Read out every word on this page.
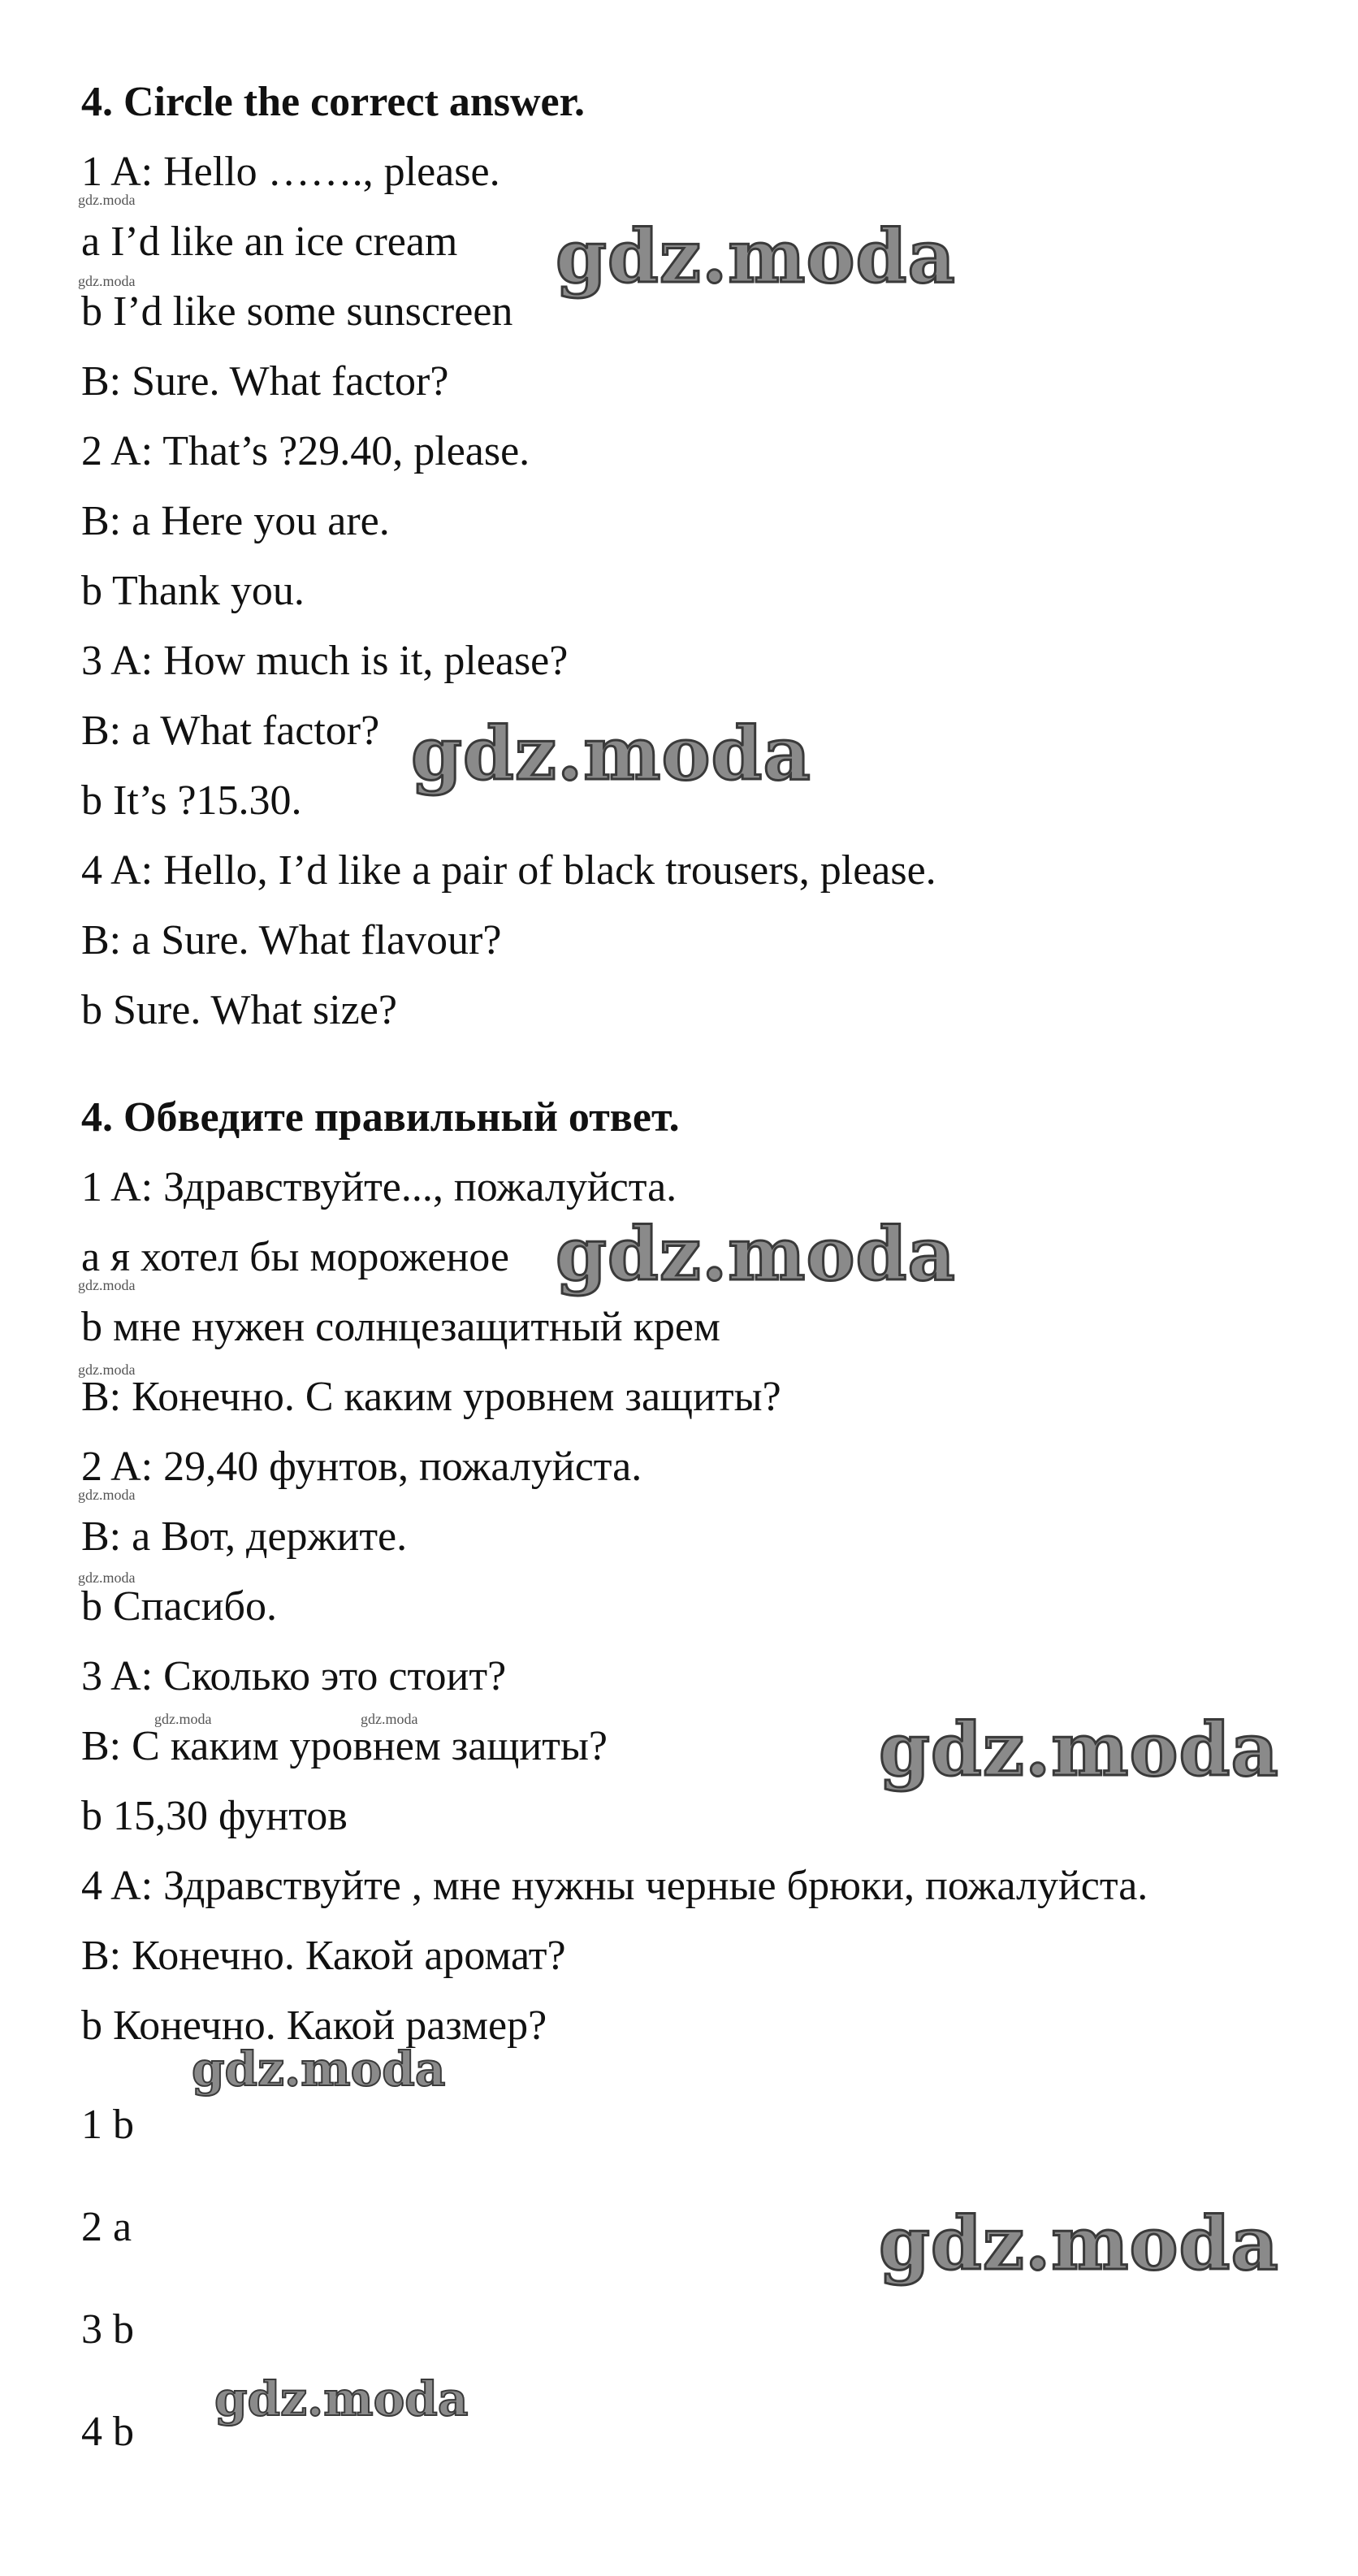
4. Circle the correct answer.
1 A: Hello ……., please.
a I’d like an ice cream
b I’d like some sunscreen
B: Sure. What factor?
2 A: That’s ?29.40, please.
B: a Here you are.
b Thank you.
3 A: How much is it, please?
B: a What factor?
b It’s ?15.30.
4 A: Hello, I’d like a pair of black trousers, please.
B: a Sure. What flavour?
b Sure. What size?
4. Обведите правильный ответ.
1 A: Здравствуйте..., пожалуйста.
а я хотел бы мороженое
b мне нужен солнцезащитный крем
B: Конечно. С каким уровнем защиты?
2 A: 29,40 фунтов, пожалуйста.
B: а Вот, держите.
b Спасибо.
3 A: Сколько это стоит?
B: С каким уровнем защиты?
b 15,30 фунтов
4 A: Здравствуйте , мне нужны черные брюки, пожалуйста.
B: Конечно. Какой аромат?
b Конечно. Какой размер?
1 b
2 a
3 b
4 b
gdz.moda
gdz.moda
gdz.moda
gdz.moda
gdz.moda
gdz.moda
gdz.moda
gdz.moda
gdz.moda
gdz.moda
gdz.moda
gdz.moda
gdz.moda
gdz.moda	gdz.moda
